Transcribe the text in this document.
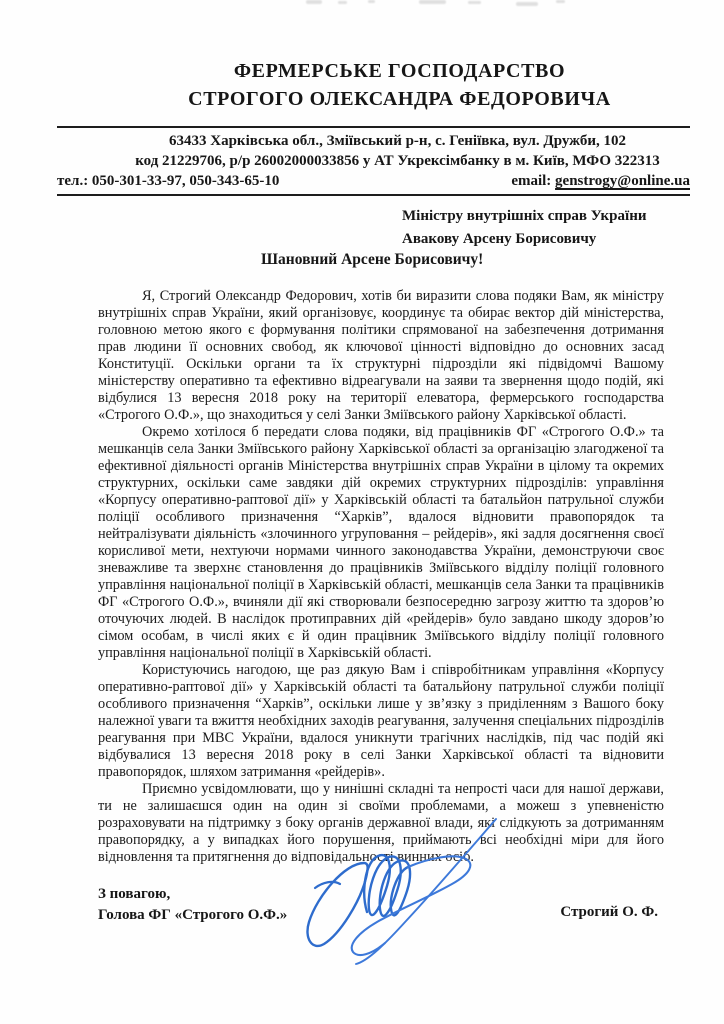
ФЕРМЕРСЬКЕ ГОСПОДАРСТВО
СТРОГОГО ОЛЕКСАНДРА ФЕДОРОВИЧА
63433 Харківська обл., Зміївський р-н, с. Геніївка, вул. Дружби, 102
код 21229706, р/р 26002000033856 у АТ Укрексімбанку в м. Київ, МФО 322313
тел.: 050-301-33-97, 050-343-65-10	email: genstrogy@online.ua
Міністру внутрішніх справ України
Авакову Арсену Борисовичу
Шановний Арсене Борисовичу!

Я, Строгий Олександр Федорович, хотів би виразити слова подяки Вам, як міністру внутрішніх справ України, який організовує, координує та обирає вектор дій міністерства, головною метою якого є формування політики спрямованої на забезпечення дотримання прав людини її основних свобод, як ключової цінності відповідно до основних засад Конституції. Оскільки органи та їх структурні підрозділи які підвідомчі Вашому міністерству оперативно та ефективно відреагували на заяви та звернення щодо подій, які відбулися 13 вересня 2018 року на території елеватора, фермерського господарства «Строгого О.Ф.», що знаходиться у селі Занки Зміївського району Харківської області.

Окремо хотілося б передати слова подяки, від працівників ФГ «Строгого О.Ф.» та мешканців села Занки Зміївського району Харківської області за організацію злагодженої та ефективної діяльності органів Міністерства внутрішніх справ України в цілому та окремих структурних, оскільки саме завдяки дій окремих структурних підрозділів: управління «Корпусу оперативно-раптової дії» у Харківській області та батальйон патрульної служби поліції особливого призначення “Харків”, вдалося відновити правопорядок та нейтралізувати діяльність «злочинного угруповання – рейдерів», які задля досягнення своєї корисливої мети, нехтуючи нормами чинного законодавства України, демонструючи своє зневажливе та зверхнє становлення до працівників Зміївського відділу поліції головного управління національної поліції в Харківській області, мешканців села Занки та працівників ФГ «Строгого О.Ф.», вчиняли дії які створювали безпосередню загрозу життю та здоров’ю оточуючих людей. В наслідок протиправних дій «рейдерів» було завдано шкоду здоров’ю сімом особам, в числі яких є й один працівник Зміївського відділу поліції головного управління національної поліції в Харківській області.

Користуючись нагодою, ще раз дякую Вам і співробітникам управління «Корпусу оперативно-раптової дії» у Харківській області та батальйону патрульної служби поліції особливого призначення “Харків”, оскільки лише у зв’язку з приділенням з Вашого боку належної уваги та вжиття необхідних заходів реагування, залучення спеціальних підрозділів реагування при МВС України, вдалося уникнути трагічних наслідків, під час подій які відбувалися 13 вересня 2018 року в селі Занки Харківської області та відновити правопорядок, шляхом затримання «рейдерів».

Приємно усвідомлювати, що у нинішні складні та непрості часи для нашої держави, ти не залишаєшся один на один зі своїми проблемами, а можеш з упевненістю розраховувати на підтримку з боку органів державної влади, які слідкують за дотриманням правопорядку, а у випадках його порушення, приймають всі необхідні міри для його відновлення та притягнення до відповідальності винних осіб.

З повагою,
Голова ФГ «Строгого О.Ф.»	Строгий О. Ф.
